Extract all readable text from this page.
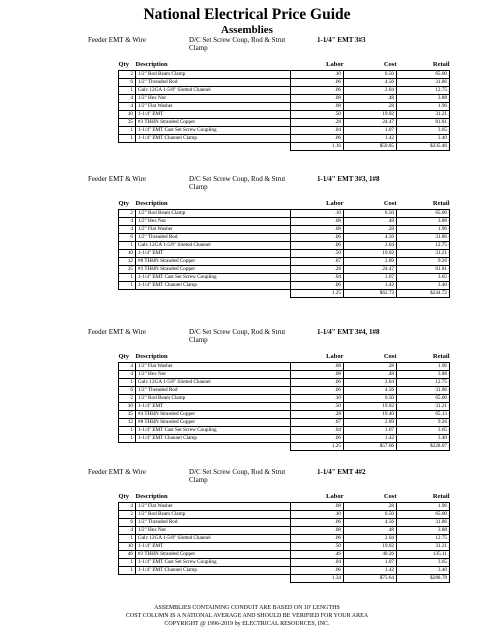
National Electrical Price Guide
Assemblies
Feeder EMT & Wire	D/C Set Screw Coup, Rod & Strut Clamp
1-1/4" EMT 3#3
Qty	Description	Labor	Cost	Retail
2	1/2" Rod Beam Clamp	.10	6.50	65.00
6	1/2" Threaded Rod	.06	4.56	31.86
1	Galv 12GA 1-5/8" Slotted Channel	.06	2.04	12.75
4	1/2" Hex Nut	.08	.48	3.88
4	1/2" Flat Washer	.08	.28	1.96
10	1-1/4" EMT	.50	19.02	31.21
35	#3 THHN Stranded Copper	.28	24.47	81.81
1	1-1/4" EMT Cast Set Screw Coupling	.04	1.07	3.65
1	1-1/4" EMT Channel Clamp	.06	1.42	3.40
		1.16	$59.85	$235.46
Feeder EMT & Wire	D/C Set Screw Coup, Rod & Strut Clamp
1-1/4" EMT 3#3, 1#8
Qty	Description	Labor	Cost	Retail
2	1/2" Rod Beam Clamp	.10	6.50	65.00
4	1/2" Hex Nut	.08	.48	3.88
4	1/2" Flat Washer	.08	.28	1.96
6	1/2" Threaded Rod	.06	4.56	31.86
1	Galv 12GA 1-5/8" Slotted Channel	.06	2.04	12.75
10	1-1/4" EMT	.50	19.02	31.21
12	#8 THHN Stranded Copper	.07	2.89	9.26
35	#3 THHN Stranded Copper	.28	24.47	81.81
1	1-1/4" EMT Cast Set Screw Coupling	.04	1.07	3.65
1	1-1/4" EMT Channel Clamp	.06	1.42	3.40
		1.25	$62.73	$244.72
Feeder EMT & Wire	D/C Set Screw Coup, Rod & Strut Clamp
1-1/4" EMT 3#4, 1#8
Qty	Description	Labor	Cost	Retail
4	1/2" Flat Washer	.08	.28	1.96
4	1/2" Hex Nut	.08	.48	3.88
1	Galv 12GA 1-5/8" Slotted Channel	.06	2.04	12.75
6	1/2" Threaded Rod	.06	4.56	31.86
2	1/2" Rod Beam Clamp	.10	6.50	65.00
10	1-1/4" EMT	.50	19.02	31.21
35	#4 THHN Stranded Copper	.28	19.40	65.13
12	#8 THHN Stranded Copper	.07	2.89	9.26
1	1-1/4" EMT Cast Set Screw Coupling	.04	1.07	3.65
1	1-1/4" EMT Channel Clamp	.06	1.42	3.40
		1.25	$57.66	$228.07
Feeder EMT & Wire	D/C Set Screw Coup, Rod & Strut Clamp
1-1/4" EMT 4#2
Qty	Description	Labor	Cost	Retail
4	1/2" Flat Washer	.08	.28	1.96
2	1/2" Rod Beam Clamp	.10	6.50	65.00
6	1/2" Threaded Rod	.06	4.56	31.86
4	1/2" Hex Nut	.08	.48	3.88
1	Galv 12GA 1-5/8" Slotted Channel	.06	2.04	12.75
10	1-1/4" EMT	.50	19.02	31.21
46	#2 THHN Stranded Copper	.46	40.26	135.11
1	1-1/4" EMT Cast Set Screw Coupling	.04	1.07	3.65
1	1-1/4" EMT Channel Clamp	.06	1.42	3.40
		1.34	$75.64	$288.78
ASSEMBLIES CONTAINING CONDUIT ARE BASED ON 10' LENGTHS
COST COLUMN IS A NATIONAL AVERAGE AND SHOULD BE VERIFIED FOR YOUR AREA
COPYRIGHT @ 1996-2019 by ELECTRICAL RESOURCES, INC.
